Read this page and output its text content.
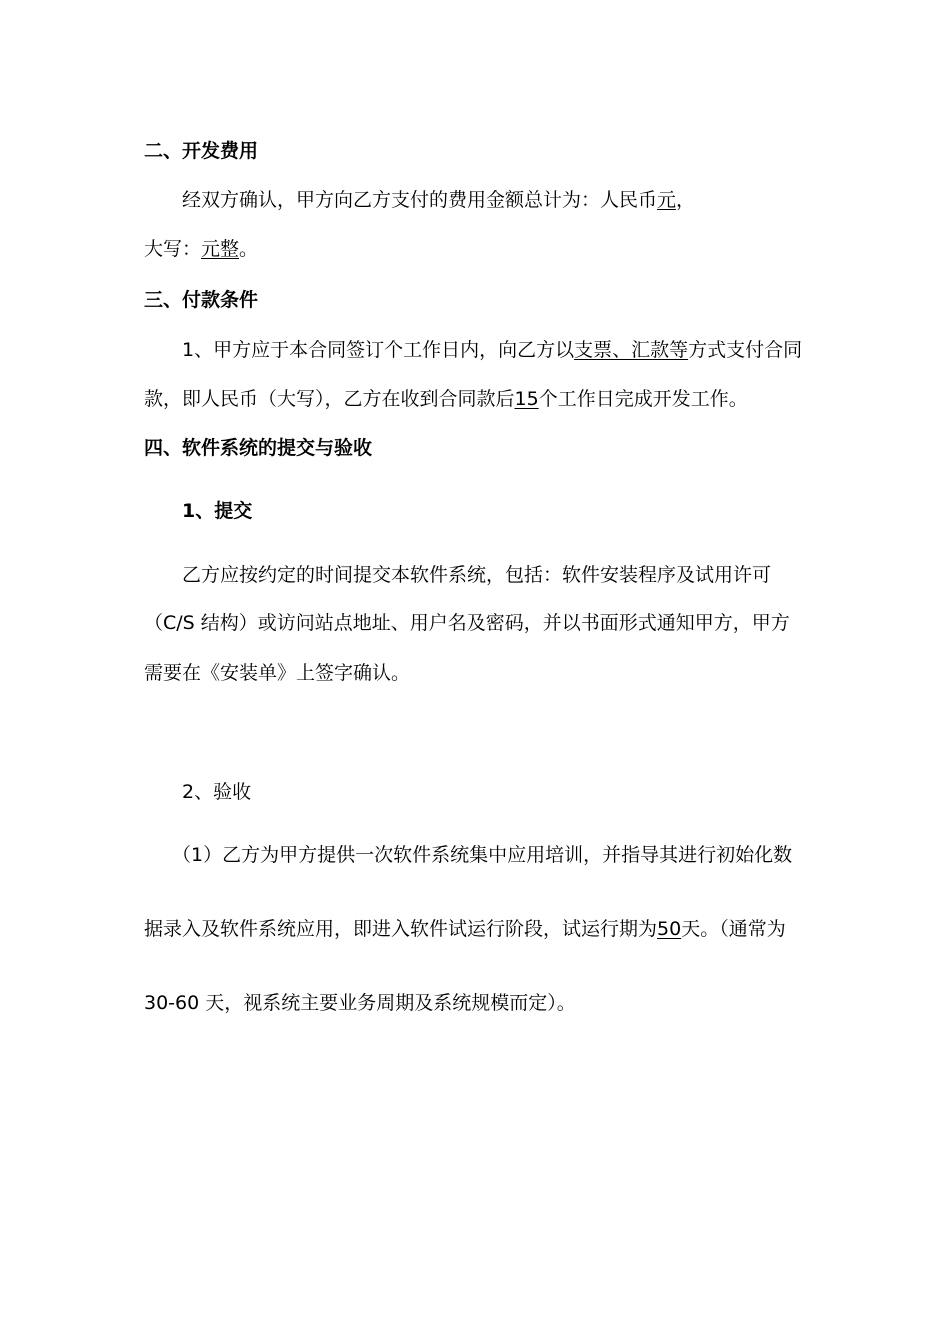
二、开发费用

经双方确认，甲方向乙方支付的费用金额总计为：人民币元，

大写：元整。

三、付款条件

1、甲方应于本合同签订个工作日内，向乙方以支票、汇款等方式支付合同

款，即人民币（大写），乙方在收到合同款后15个工作日完成开发工作。

四、软件系统的提交与验收

1、提交

乙方应按约定的时间提交本软件系统，包括：软件安装程序及试用许可

（C/S 结构）或访问站点地址、用户名及密码，并以书面形式通知甲方，甲方

需要在《安装单》上签字确认。

2、验收

（1）乙方为甲方提供一次软件系统集中应用培训，并指导其进行初始化数

据录入及软件系统应用，即进入软件试运行阶段，试运行期为50天。（通常为

30-60 天，视系统主要业务周期及系统规模而定）。
